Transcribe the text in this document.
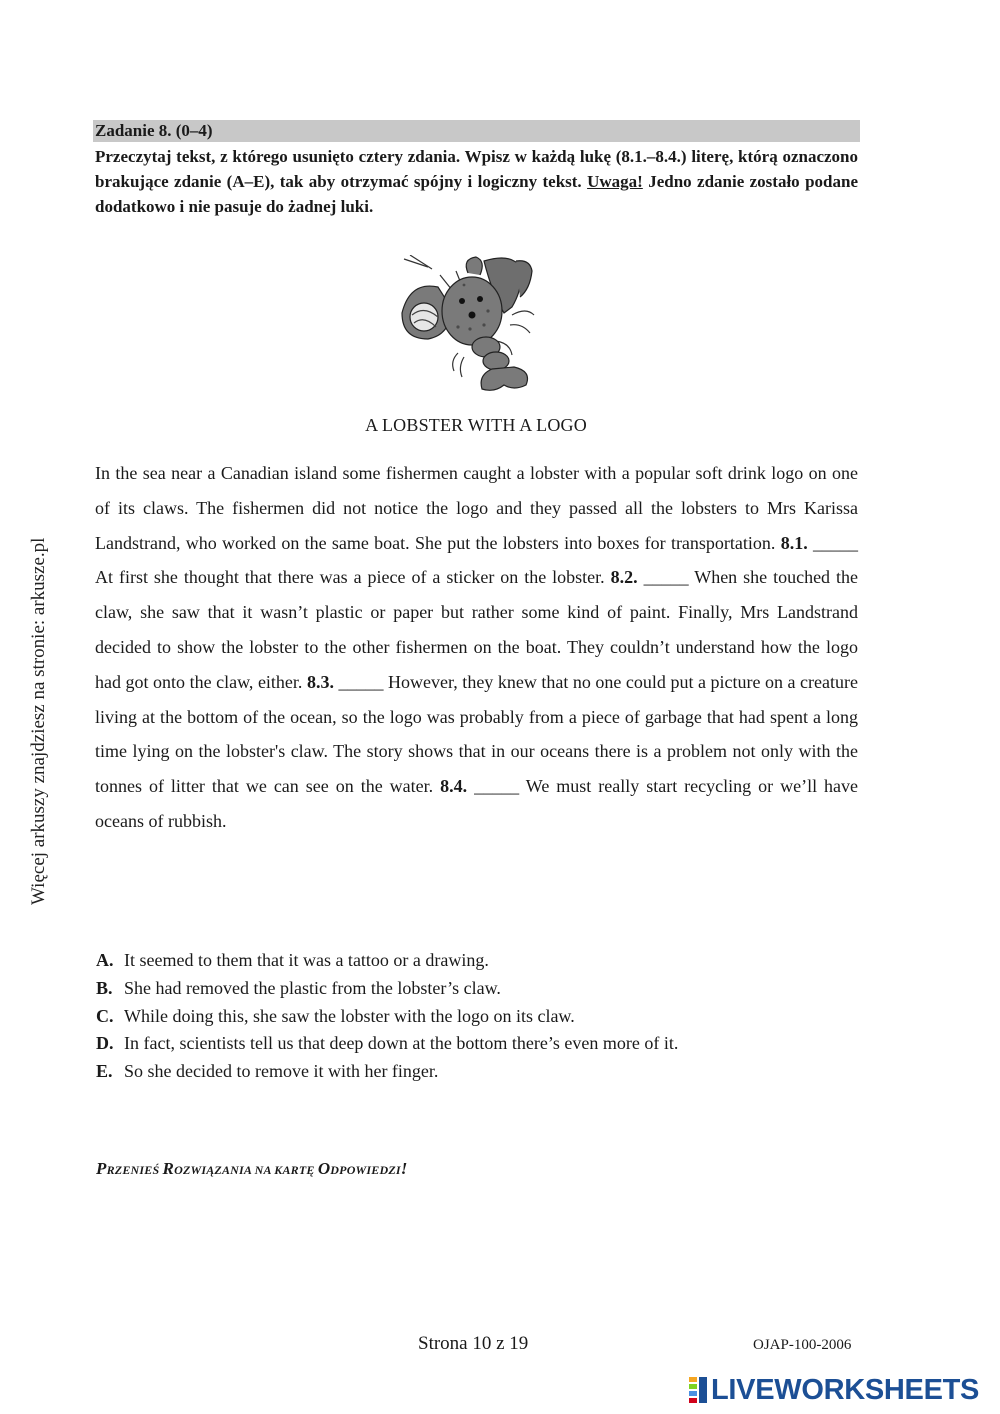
Więcej arkuszy znajdziesz na stronie: arkusze.pl
Zadanie 8. (0–4)
Przeczytaj tekst, z którego usunięto cztery zdania. Wpisz w każdą lukę (8.1.–8.4.) literę, którą oznaczono brakujące zdanie (A–E), tak aby otrzymać spójny i logiczny tekst. Uwaga! Jedno zdanie zostało podane dodatkowo i nie pasuje do żadnej luki.
A LOBSTER WITH A LOGO
In the sea near a Canadian island some fishermen caught a lobster with a popular soft drink logo on one of its claws. The fishermen did not notice the logo and they passed all the lobsters to Mrs Karissa Landstrand, who worked on the same boat. She put the lobsters into boxes for transportation. 8.1. _____ At first she thought that there was a piece of a sticker on the lobster. 8.2. _____ When she touched the claw, she saw that it wasn’t plastic or paper but rather some kind of paint. Finally, Mrs Landstrand decided to show the lobster to the other fishermen on the boat. They couldn’t understand how the logo had got onto the claw, either. 8.3. _____ However, they knew that no one could put a picture on a creature living at the bottom of the ocean, so the logo was probably from a piece of garbage that had spent a long time lying on the lobster's claw. The story shows that in our oceans there is a problem not only with the tonnes of litter that we can see on the water. 8.4. _____ We must really start recycling or we’ll have oceans of rubbish.
A. It seemed to them that it was a tattoo or a drawing.
B. She had removed the plastic from the lobster’s claw.
C. While doing this, she saw the lobster with the logo on its claw.
D. In fact, scientists tell us that deep down at the bottom there’s even more of it.
E. So she decided to remove it with her finger.
PRZENIEŚ ROZWIĄZANIA NA KARTĘ ODPOWIEDZI!
Strona 10 z 19	OJAP-100-2006
LIVEWORKSHEETS
